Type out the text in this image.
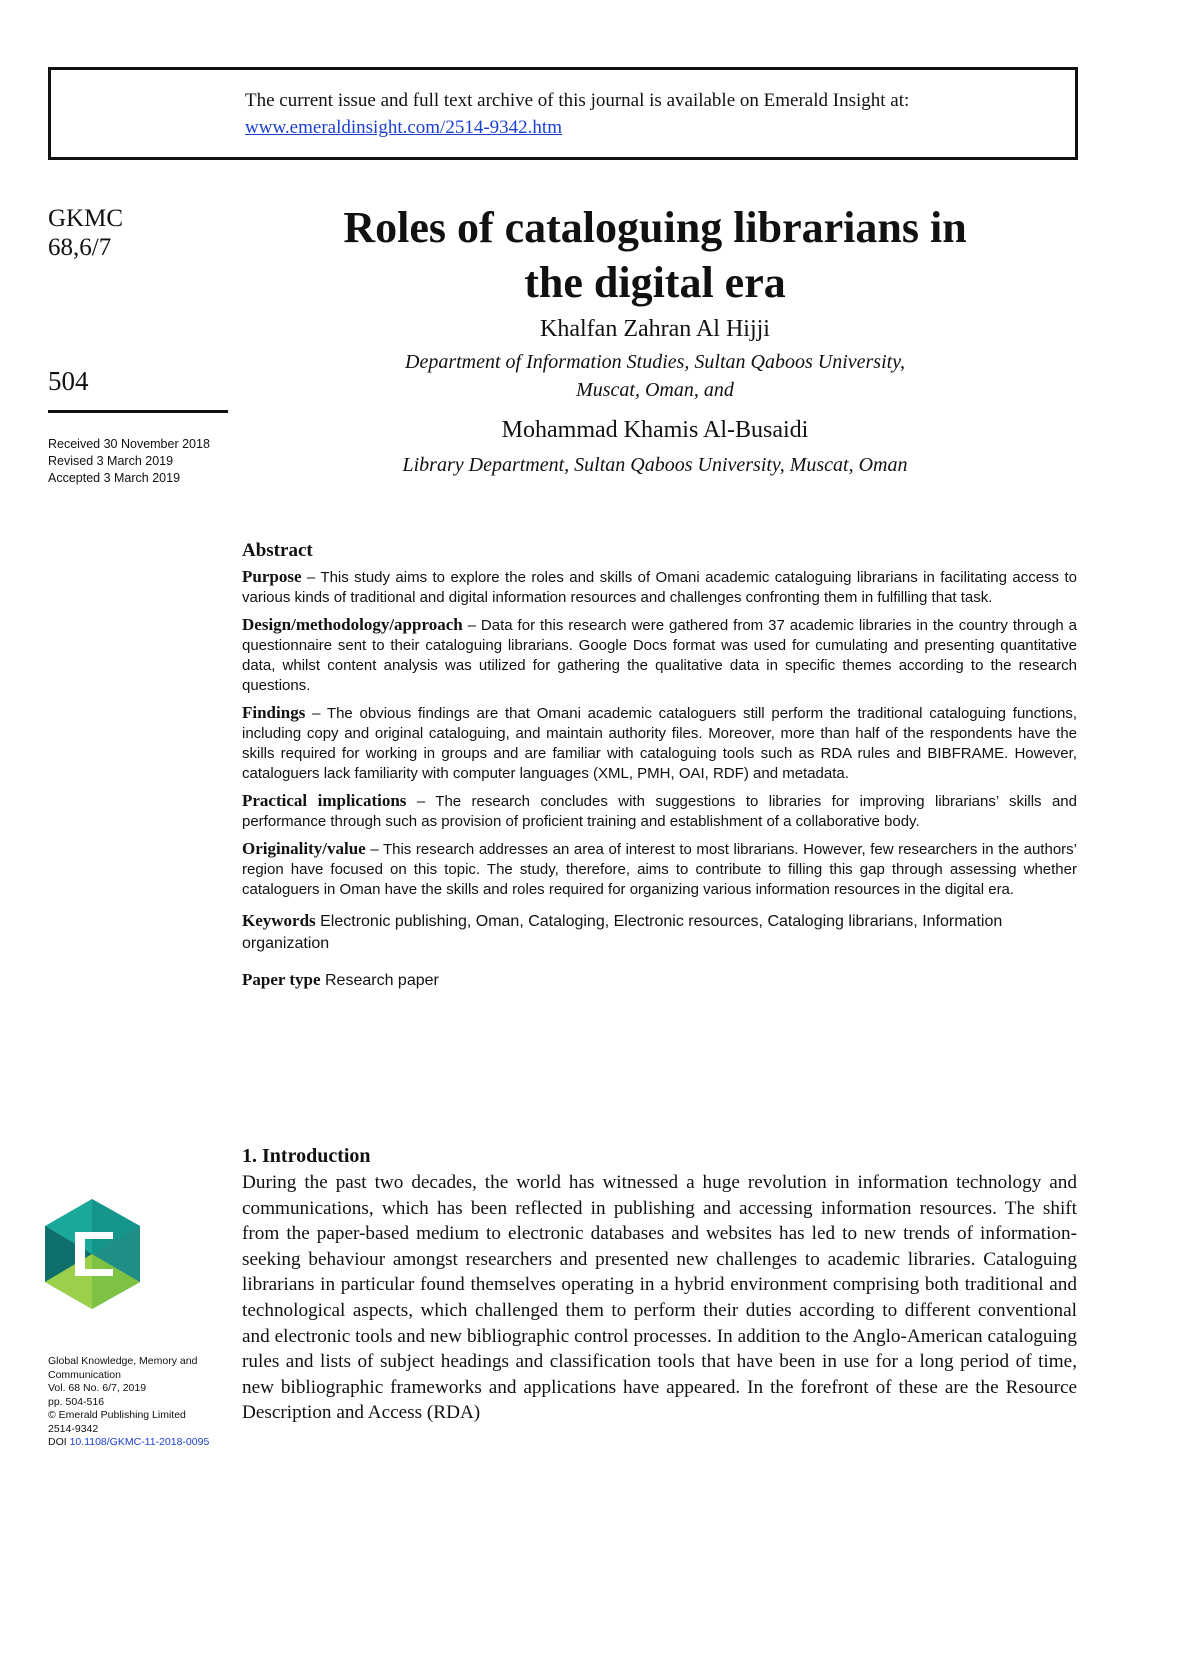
The current issue and full text archive of this journal is available on Emerald Insight at:
www.emeraldinsight.com/2514-9342.htm
GKMC
68,6/7
504
Received 30 November 2018
Revised 3 March 2019
Accepted 3 March 2019
Roles of cataloguing librarians in
the digital era
Khalfan Zahran Al Hijji
Department of Information Studies, Sultan Qaboos University,
Muscat, Oman, and
Mohammad Khamis Al-Busaidi
Library Department, Sultan Qaboos University, Muscat, Oman
Abstract

Purpose – This study aims to explore the roles and skills of Omani academic cataloguing librarians in facilitating access to various kinds of traditional and digital information resources and challenges confronting them in fulfilling that task.

Design/methodology/approach – Data for this research were gathered from 37 academic libraries in the country through a questionnaire sent to their cataloguing librarians. Google Docs format was used for cumulating and presenting quantitative data, whilst content analysis was utilized for gathering the qualitative data in specific themes according to the research questions.

Findings – The obvious findings are that Omani academic cataloguers still perform the traditional cataloguing functions, including copy and original cataloguing, and maintain authority files. Moreover, more than half of the respondents have the skills required for working in groups and are familiar with cataloguing tools such as RDA rules and BIBFRAME. However, cataloguers lack familiarity with computer languages (XML, PMH, OAI, RDF) and metadata.

Practical implications – The research concludes with suggestions to libraries for improving librarians’ skills and performance through such as provision of proficient training and establishment of a collaborative body.

Originality/value – This research addresses an area of interest to most librarians. However, few researchers in the authors’ region have focused on this topic. The study, therefore, aims to contribute to filling this gap through assessing whether cataloguers in Oman have the skills and roles required for organizing various information resources in the digital era.

Keywords Electronic publishing, Oman, Cataloging, Electronic resources, Cataloging librarians, Information organization
Paper type Research paper
1. Introduction

During the past two decades, the world has witnessed a huge revolution in information technology and communications, which has been reflected in publishing and accessing information resources. The shift from the paper-based medium to electronic databases and websites has led to new trends of information-seeking behaviour amongst researchers and presented new challenges to academic libraries. Cataloguing librarians in particular found themselves operating in a hybrid environment comprising both traditional and technological aspects, which challenged them to perform their duties according to different conventional and electronic tools and new bibliographic control processes. In addition to the Anglo-American cataloguing rules and lists of subject headings and classification tools that have been in use for a long period of time, new bibliographic frameworks and applications have appeared. In the forefront of these are the Resource Description and Access (RDA)

Global Knowledge, Memory and
Communication
Vol. 68 No. 6/7, 2019
pp. 504-516
© Emerald Publishing Limited
2514-9342
DOI 10.1108/GKMC-11-2018-0095
